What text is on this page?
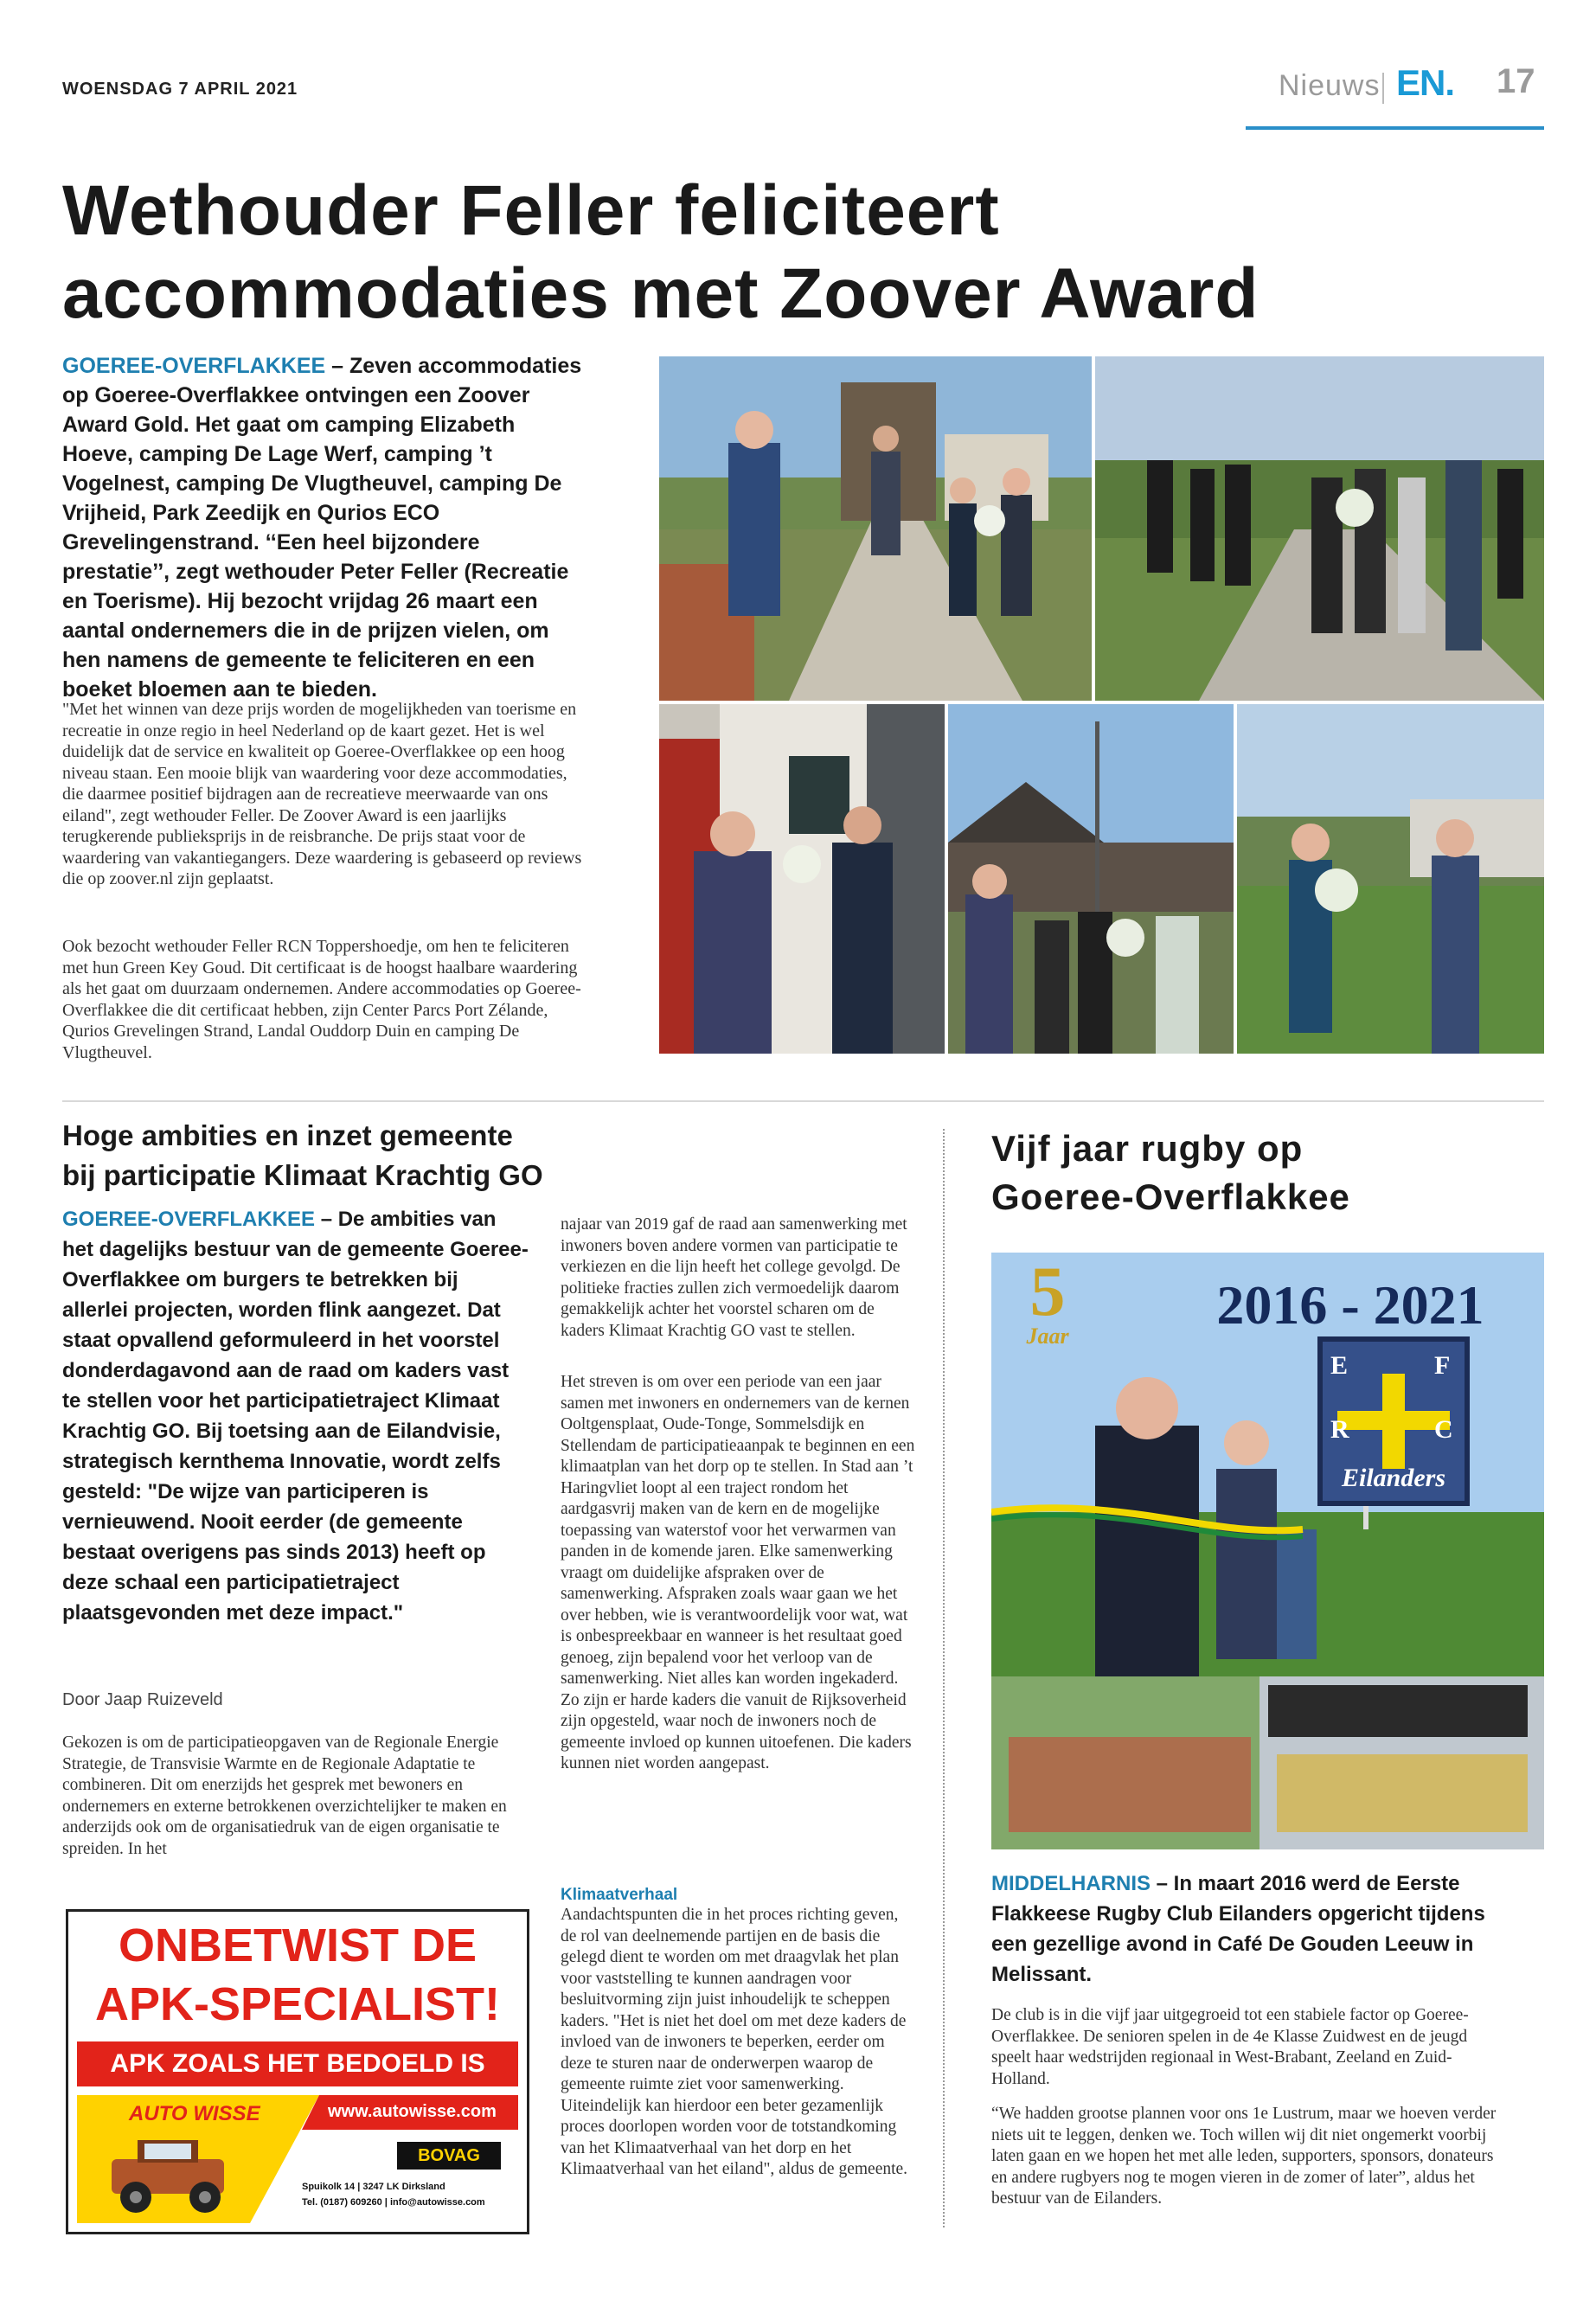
WOENSDAG 7 APRIL 2021	Nieuws EN. 17
Wethouder Feller feliciteert
accommodaties met Zoover Award
GOEREE-OVERFLAKKEE – Zeven accommodaties op Goeree-Overflakkee ontvingen een Zoover Award Gold. Het gaat om camping Elizabeth Hoeve, camping De Lage Werf, camping ’t Vogelnest, camping De Vlugtheuvel, camping De Vrijheid, Park Zeedijk en Qurios ECO Grevelingenstrand. ‘‘Een heel bijzondere prestatie’’, zegt wethouder Peter Feller (Recreatie en Toerisme). Hij bezocht vrijdag 26 maart een aantal ondernemers die in de prijzen vielen, om hen namens de gemeente te feliciteren en een boeket bloemen aan te bieden.
"Met het winnen van deze prijs worden de mogelijkheden van toerisme en recreatie in onze regio in heel Nederland op de kaart gezet. Het is wel duidelijk dat de service en kwaliteit op Goeree-Overflakkee op een hoog niveau staan. Een mooie blijk van waardering voor deze accommodaties, die daarmee positief bijdragen aan de recreatieve meerwaarde van ons eiland", zegt wethouder Feller. De Zoover Award is een jaarlijks terugkerende publieksprijs in de reisbranche. De prijs staat voor de waardering van vakantiegangers. Deze waardering is gebaseerd op reviews die op zoover.nl zijn geplaatst.
Ook bezocht wethouder Feller RCN Toppershoedje, om hen te feliciteren met hun Green Key Goud. Dit certificaat is de hoogst haalbare waardering als het gaat om duurzaam ondernemen. Andere accommodaties op Goeree-Overflakkee die dit certificaat hebben, zijn Center Parcs Port Zélande, Qurios Grevelingen Strand, Landal Ouddorp Duin en camping De Vlugtheuvel.
Hoge ambities en inzet gemeente
bij participatie Klimaat Krachtig GO
GOEREE-OVERFLAKKEE – De ambities van het dagelijks bestuur van de gemeente Goeree-Overflakkee om burgers te betrekken bij allerlei projecten, worden flink aangezet. Dat staat opvallend geformuleerd in het voorstel donderdagavond aan de raad om kaders vast te stellen voor het participatietraject Klimaat Krachtig GO. Bij toetsing aan de Eilandvisie, strategisch kernthema Innovatie, wordt zelfs gesteld: "De wijze van participeren is vernieuwend. Nooit eerder (de gemeente bestaat overigens pas sinds 2013) heeft op deze schaal een participatietraject plaatsgevonden met deze impact."
Door Jaap Ruizeveld
Gekozen is om de participatieopgaven van de Regionale Energie Strategie, de Transvisie Warmte en de Regionale Adaptatie te combineren. Dit om enerzijds het gesprek met bewoners en ondernemers en externe betrokkenen overzichtelijker te maken en anderzijds ook om de organisatiedruk van de eigen organisatie te spreiden. In het
najaar van 2019 gaf de raad aan samenwerking met inwoners boven andere vormen van participatie te verkiezen en die lijn heeft het college gevolgd. De politieke fracties zullen zich vermoedelijk daarom gemakkelijk achter het voorstel scharen om de kaders Klimaat Krachtig GO vast te stellen.
Het streven is om over een periode van een jaar samen met inwoners en ondernemers van de kernen Ooltgensplaat, Oude-Tonge, Sommelsdijk en Stellendam de participatieaanpak te beginnen en een klimaatplan van het dorp op te stellen. In Stad aan ’t Haringvliet loopt al een traject rondom het aardgasvrij maken van de kern en de mogelijke toepassing van waterstof voor het verwarmen van panden in de komende jaren. Elke samenwerking vraagt om duidelijke afspraken over de samenwerking. Afspraken zoals waar gaan we het over hebben, wie is verantwoordelijk voor wat, wat is onbespreekbaar en wanneer is het resultaat goed genoeg, zijn bepalend voor het verloop van de samenwerking. Niet alles kan worden ingekaderd. Zo zijn er harde kaders die vanuit de Rijksoverheid zijn opgesteld, waar noch de inwoners noch de gemeente invloed op kunnen uitoefenen. Die kaders kunnen niet worden aangepast.
Klimaatverhaal
Aandachtspunten die in het proces richting geven, de rol van deelnemende partijen en de basis die gelegd dient te worden om met draagvlak het plan voor vaststelling te kunnen aandragen voor besluitvorming zijn juist inhoudelijk te scheppen kaders. "Het is niet het doel om met deze kaders de invloed van de inwoners te beperken, eerder om deze te sturen naar de onderwerpen waarop de gemeente ruimte ziet voor samenwerking. Uiteindelijk kan hierdoor een beter gezamenlijk proces doorlopen worden voor de totstandkoming van het Klimaatverhaal van het dorp en het Klimaatverhaal van het eiland", aldus de gemeente.
ONBETWIST DE
APK-SPECIALIST!
APK ZOALS HET BEDOELD IS
AUTO WISSE	www.autowisse.com
BOVAG
Spuikolk 14 | 3247 LK Dirksland
Tel. (0187) 609260 | info@autowisse.com
Vijf jaar rugby op
Goeree-Overflakkee
5
Jaar
2016 - 2021
E	F
R	C
Eilanders
MIDDELHARNIS – In maart 2016 werd de Eerste Flakkeese Rugby Club Eilanders opgericht tijdens een gezellige avond in Café De Gouden Leeuw in Melissant.
De club is in die vijf jaar uitgegroeid tot een stabiele factor op Goeree-Overflakkee. De senioren spelen in de 4e Klasse Zuidwest en de jeugd speelt haar wedstrijden regionaal in West-Brabant, Zeeland en Zuid-Holland.
“We hadden grootse plannen voor ons 1e Lustrum, maar we hoeven verder niets uit te leggen, denken we. Toch willen wij dit niet ongemerkt voorbij laten gaan en we hopen het met alle leden, supporters, sponsors, donateurs en andere rugbyers nog te mogen vieren in de zomer of later”, aldus het bestuur van de Eilanders.
